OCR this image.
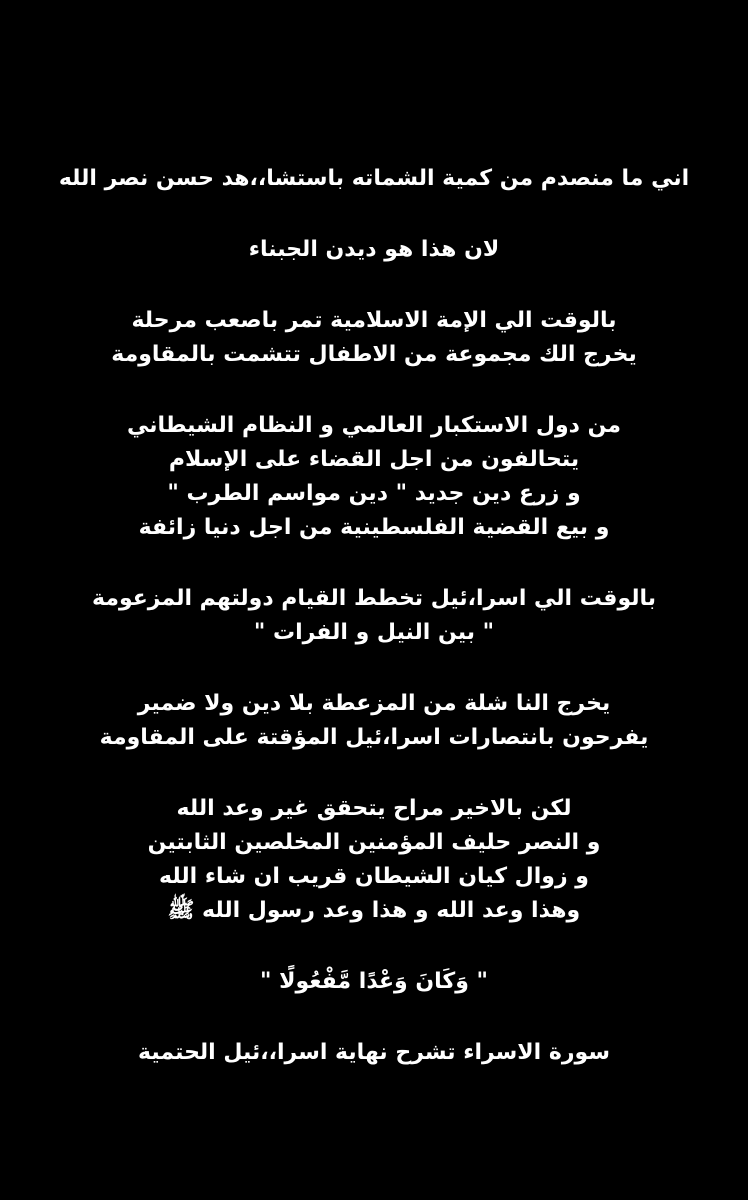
اني ما منصدم من كمية الشماته باستشا،،هد حسن نصر الله

لان هذا هو ديدن الجبناء

بالوقت الي الإمة الاسلامية تمر باصعب مرحلة
يخرج الك مجموعة من الاطفال تتشمت بالمقاومة

من دول الاستكبار العالمي و النظام الشيطاني
يتحالفون من اجل القضاء على الإسلام
و زرع دين جديد " دين مواسم الطرب "
و بيع القضية الفلسطينية من اجل دنيا زائفة

بالوقت الي اسرا،ئيل تخطط القيام دولتهم المزعومة
" بين النيل و الفرات "

يخرج النا شلة من المزعطة بلا دين ولا ضمير
يفرحون بانتصارات اسرا،ئيل المؤقتة على المقاومة

لكن بالاخير مراح يتحقق غير وعد الله
و النصر حليف المؤمنين المخلصين الثابتين
و زوال كيان الشيطان قريب ان شاء الله
وهذا وعد الله و هذا وعد رسول الله ﷺ

" وَكَانَ وَعْدًا مَّفْعُولًا "

سورة الاسراء تشرح نهاية اسرا،،ئيل الحتمية
